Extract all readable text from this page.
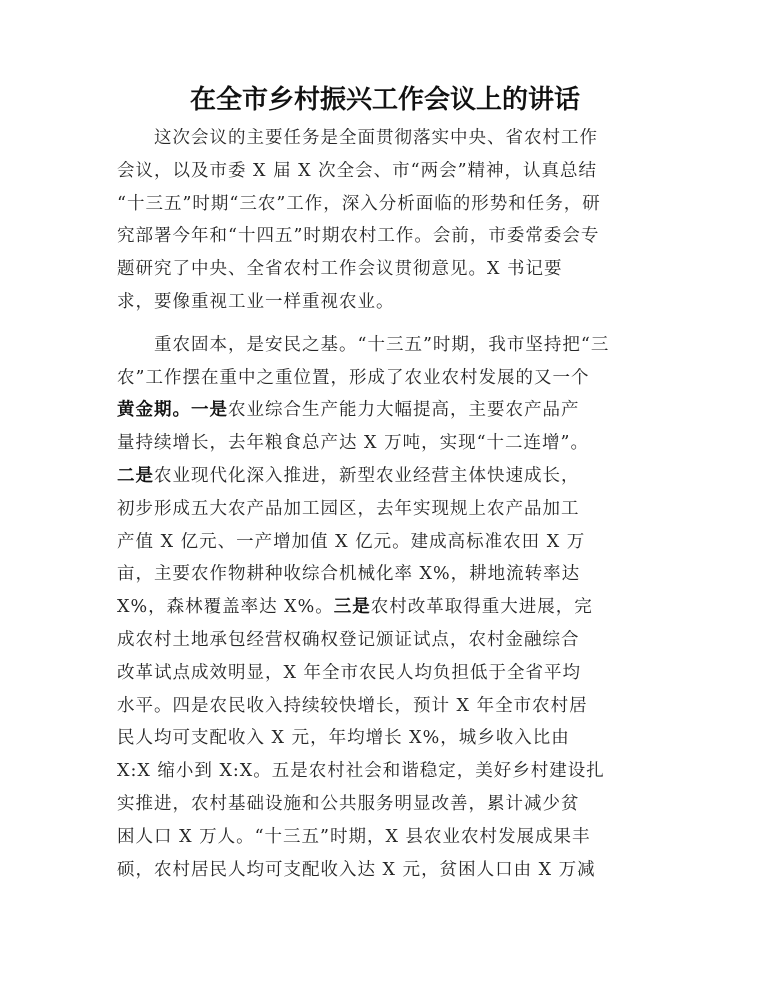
在全市乡村振兴工作会议上的讲话
　　这次会议的主要任务是全面贯彻落实中央、省农村工作
会议，以及市委 X 届 X 次全会、市“两会”精神，认真总结
“十三五”时期“三农”工作，深入分析面临的形势和任务，研
究部署今年和“十四五”时期农村工作。会前，市委常委会专
题研究了中央、全省农村工作会议贯彻意见。X 书记要
求，要像重视工业一样重视农业。
　　重农固本，是安民之基。“十三五”时期，我市坚持把“三
农”工作摆在重中之重位置，形成了农业农村发展的又一个
黄金期。一是农业综合生产能力大幅提高，主要农产品产
量持续增长，去年粮食总产达 X 万吨，实现“十二连增”。
二是农业现代化深入推进，新型农业经营主体快速成长，
初步形成五大农产品加工园区，去年实现规上农产品加工
产值 X 亿元、一产增加值 X 亿元。建成高标准农田 X 万
亩，主要农作物耕种收综合机械化率 X%，耕地流转率达
X%，森林覆盖率达 X%。三是农村改革取得重大进展，完
成农村土地承包经营权确权登记颁证试点，农村金融综合
改革试点成效明显，X 年全市农民人均负担低于全省平均
水平。四是农民收入持续较快增长，预计 X 年全市农村居
民人均可支配收入 X 元，年均增长 X%，城乡收入比由
X:X 缩小到 X:X。五是农村社会和谐稳定，美好乡村建设扎
实推进，农村基础设施和公共服务明显改善，累计减少贫
困人口 X 万人。“十三五”时期，X 县农业农村发展成果丰
硕，农村居民人均可支配收入达 X 元，贫困人口由 X 万减
